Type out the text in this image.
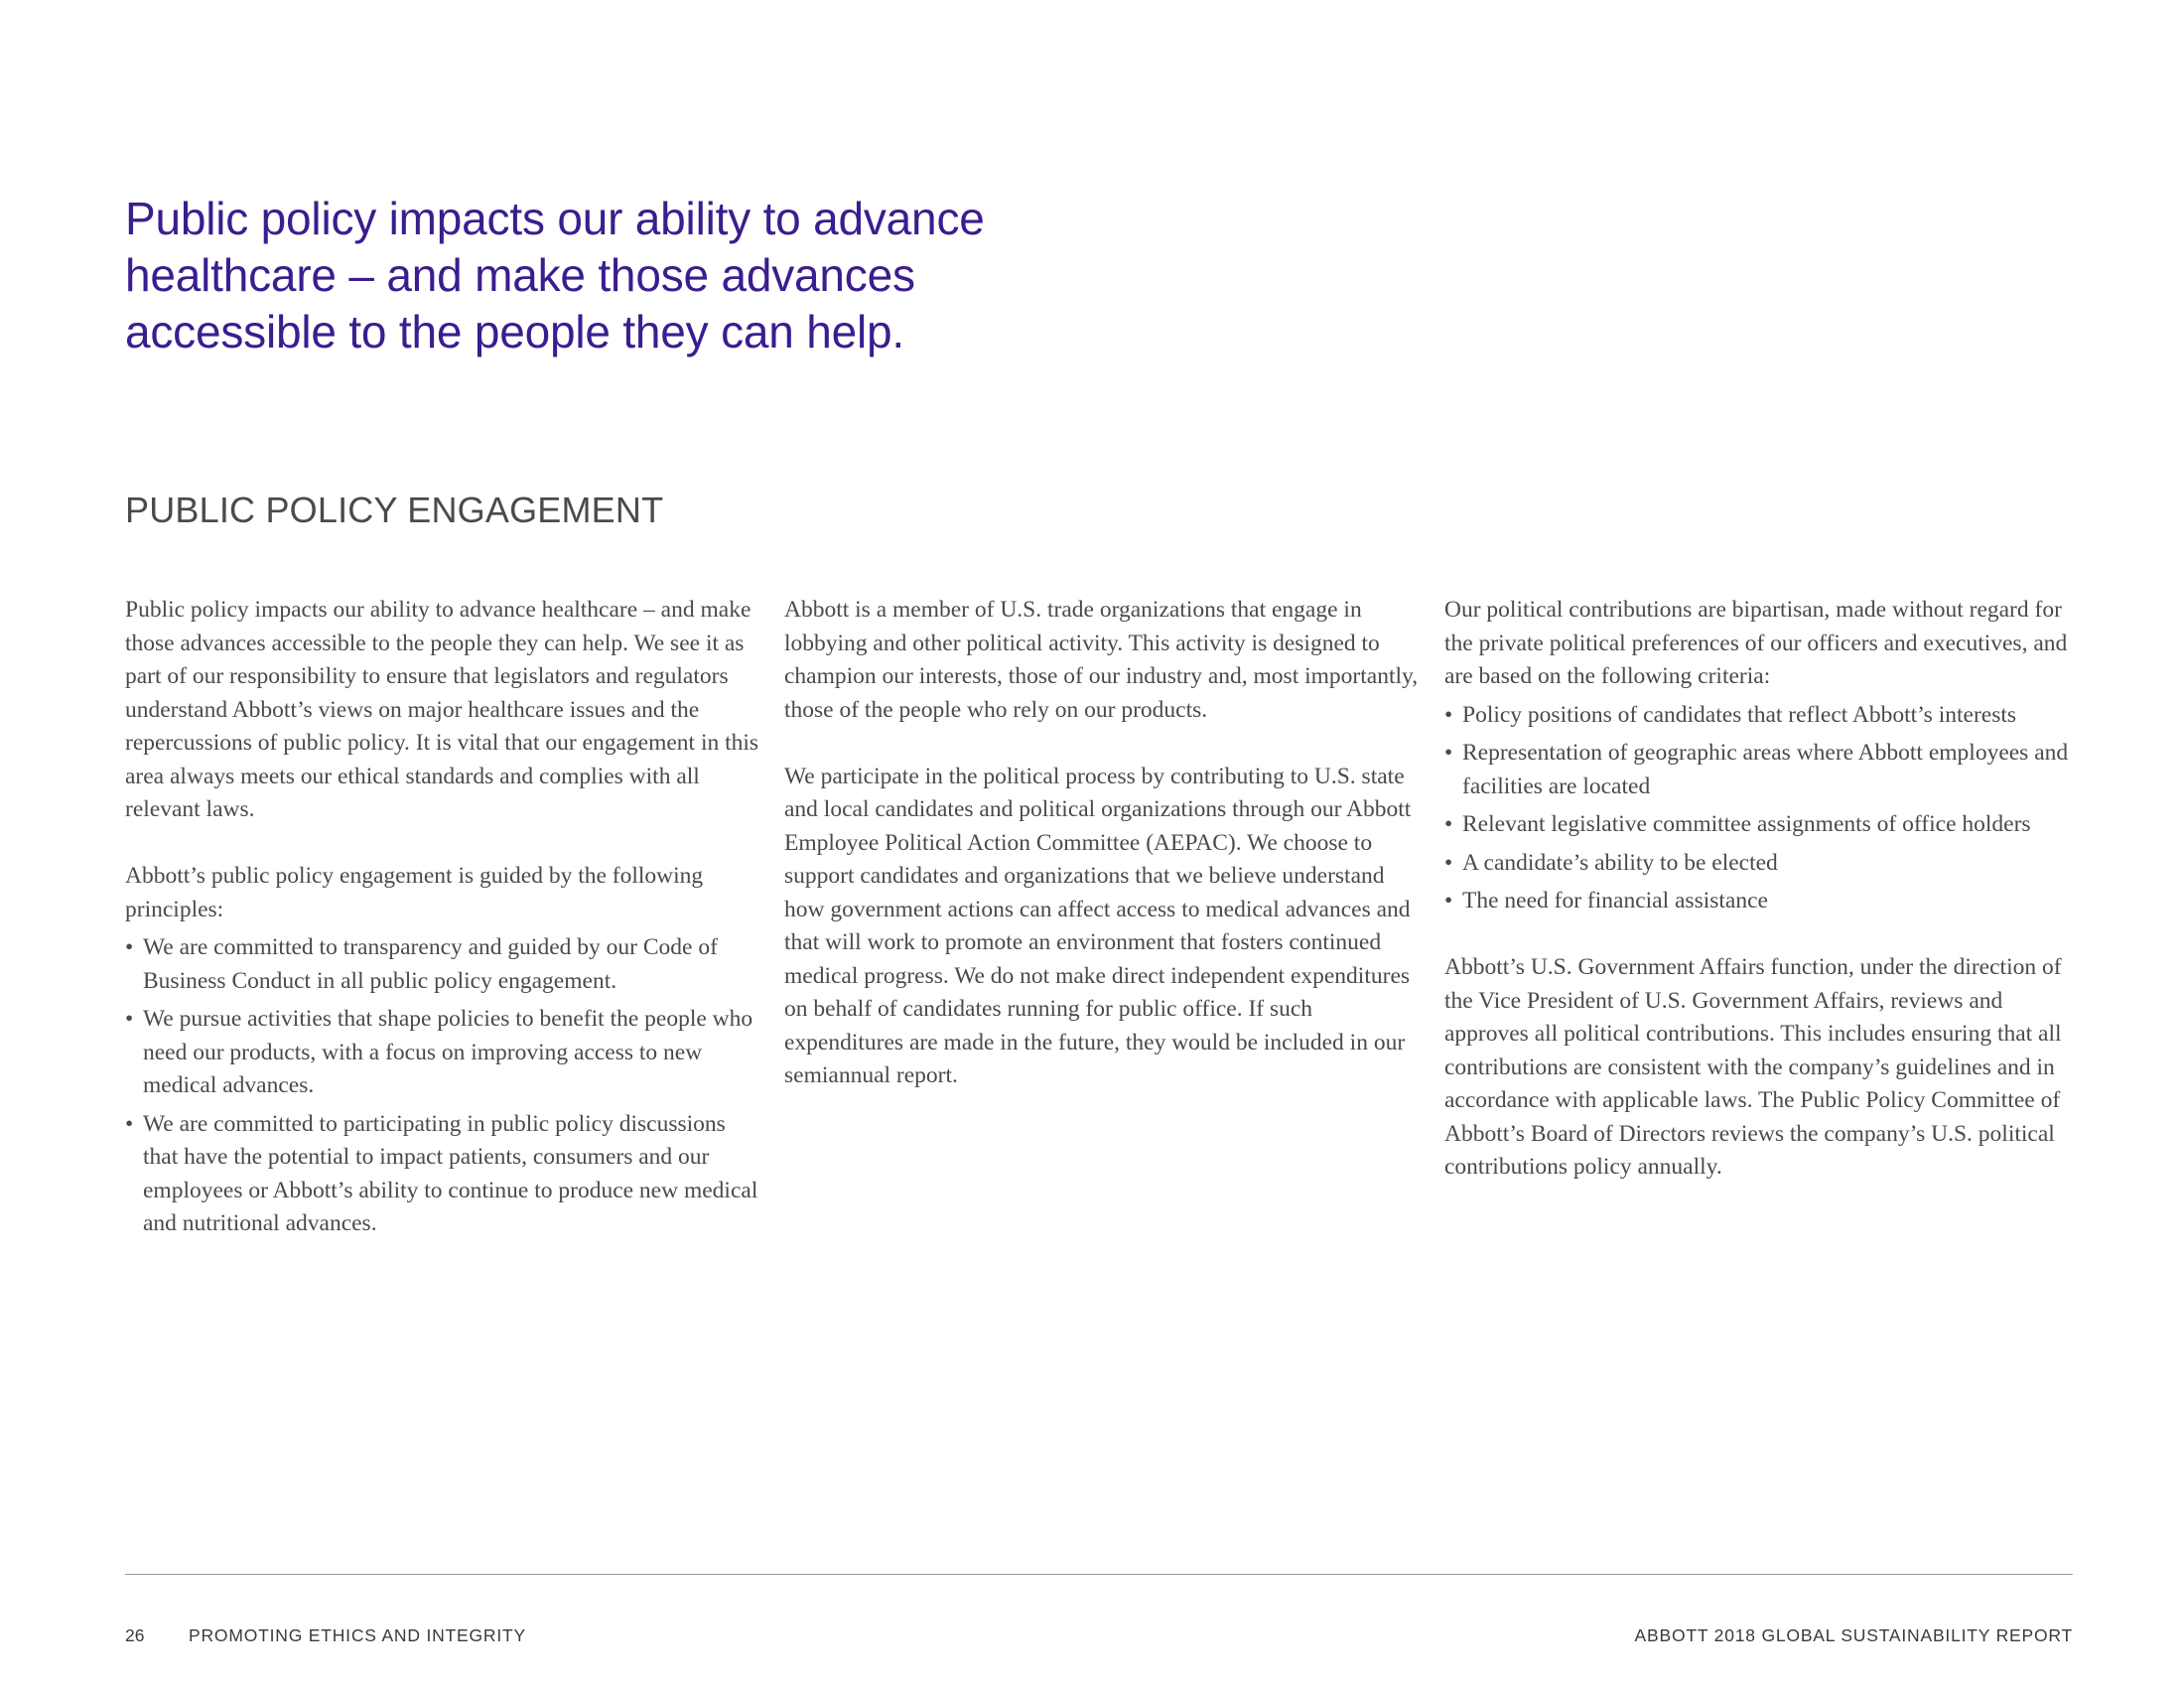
Public policy impacts our ability to advance healthcare – and make those advances accessible to the people they can help.
PUBLIC POLICY ENGAGEMENT

Public policy impacts our ability to advance healthcare – and make those advances accessible to the people they can help. We see it as part of our responsibility to ensure that legislators and regulators understand Abbott’s views on major healthcare issues and the repercussions of public policy. It is vital that our engagement in this area always meets our ethical standards and complies with all relevant laws.

Abbott’s public policy engagement is guided by the following principles:

• We are committed to transparency and guided by our Code of Business Conduct in all public policy engagement.
• We pursue activities that shape policies to benefit the people who need our products, with a focus on improving access to new medical advances.
• We are committed to participating in public policy discussions that have the potential to impact patients, consumers and our employees or Abbott’s ability to continue to produce new medical and nutritional advances.

Abbott is a member of U.S. trade organizations that engage in lobbying and other political activity. This activity is designed to champion our interests, those of our industry and, most importantly, those of the people who rely on our products.

We participate in the political process by contributing to U.S. state and local candidates and political organizations through our Abbott Employee Political Action Committee (AEPAC). We choose to support candidates and organizations that we believe understand how government actions can affect access to medical advances and that will work to promote an environment that fosters continued medical progress. We do not make direct independent expenditures on behalf of candidates running for public office. If such expenditures are made in the future, they would be included in our semiannual report.

Our political contributions are bipartisan, made without regard for the private political preferences of our officers and executives, and are based on the following criteria:

• Policy positions of candidates that reflect Abbott’s interests
• Representation of geographic areas where Abbott employees and facilities are located
• Relevant legislative committee assignments of office holders
• A candidate’s ability to be elected
• The need for financial assistance

Abbott’s U.S. Government Affairs function, under the direction of the Vice President of U.S. Government Affairs, reviews and approves all political contributions. This includes ensuring that all contributions are consistent with the company’s guidelines and in accordance with applicable laws. The Public Policy Committee of Abbott’s Board of Directors reviews the company’s U.S. political contributions policy annually.

26	PROMOTING ETHICS AND INTEGRITY	ABBOTT 2018 GLOBAL SUSTAINABILITY REPORT
